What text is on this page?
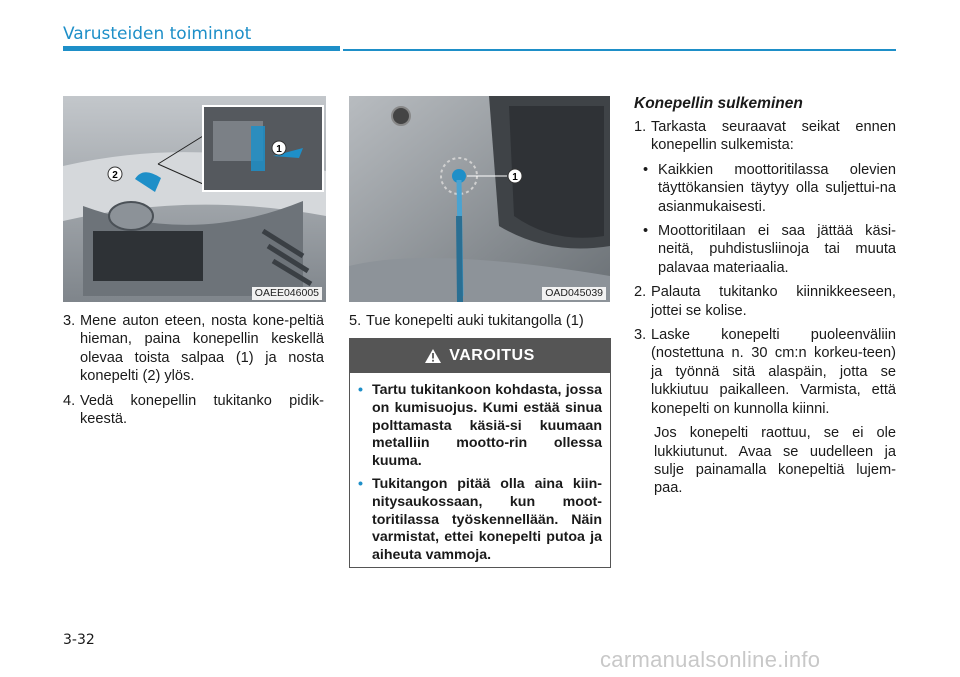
Varusteiden toiminnot
2
1
OAEE046005
1
OAD045039
3. Mene auton eteen, nosta kone-peltiä hieman, paina konepellin keskellä olevaa toista salpaa (1) ja nosta konepelti (2) ylös.
4. Vedä konepellin tukitanko pidik-keestä.
5. Tue konepelti auki tukitangolla (1)
VAROITUS
• Tartu tukitankoon kohdasta, jossa on kumisuojus. Kumi estää sinua polttamasta käsiä-si kuumaan metalliin mootto-rin ollessa kuuma.
• Tukitangon pitää olla aina kiin-nitysaukossaan, kun moot-toritilassa työskennellään. Näin varmistat, ettei konepelti putoa ja aiheuta vammoja.
Konepellin sulkeminen
1. Tarkasta seuraavat seikat ennen konepellin sulkemista:
• Kaikkien moottoritilassa olevien täyttökansien täytyy olla suljettui-na asianmukaisesti.
• Moottoritilaan ei saa jättää käsi-neitä, puhdistusliinoja tai muuta palavaa materiaalia.
2. Palauta tukitanko kiinnikkeeseen, jottei se kolise.
3. Laske konepelti puoleenväliin (nostettuna n. 30 cm:n korkeu-teen) ja työnnä sitä alaspäin, jotta se lukkiutuu paikalleen. Varmista, että konepelti on kunnolla kiinni.
Jos konepelti raottuu, se ei ole lukkiutunut. Avaa se uudelleen ja sulje painamalla konepeltiä lujem-paa.
3-32
carmanualsonline.info
